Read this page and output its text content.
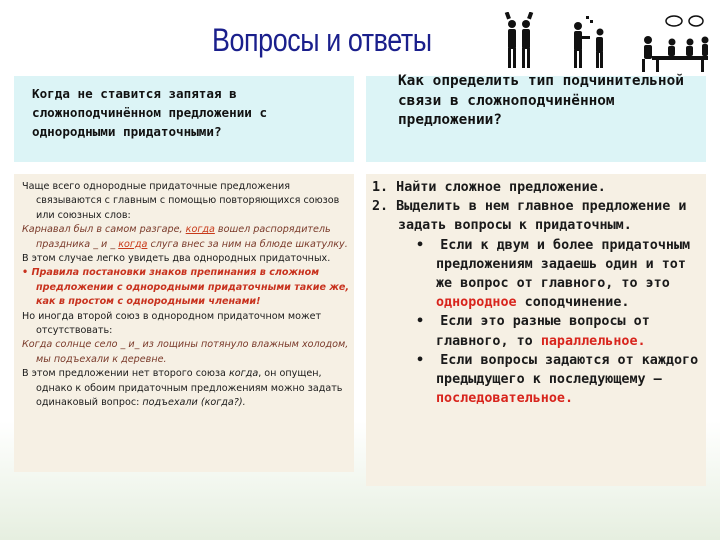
Вопросы и ответы
Когда не ставится запятая в сложноподчинённом предложении с однородными придаточными?
Как определить тип подчинительной связи в сложноподчинённом предложении?

Чаще всего однородные придаточные предложения связываются с главным с помощью повторяющихся союзов или союзных слов:

Карнавал был в самом разгаре, когда вошел распорядитель праздника _ и _ когда слуга внес за ним на блюде шкатулку.

В этом случае легко увидеть два однородных придаточных.

• Правила постановки знаков препинания в сложном предложении с однородными придаточными такие же, как в простом с однородными членами!

Но иногда второй союз в однородном придаточном может отсутствовать:

Когда солнце село _ и_ из лощины потянуло влажным холодом, мы подъехали к деревне.

В этом предложении нет второго союза когда, он опущен, однако к обоим придаточным предложениям можно задать одинаковый вопрос: подъехали (когда?).

1. Найти сложное предложение.

2. Выделить в нем главное предложение и задать вопросы к придаточным.

•  Если к двум и более придаточным предложениям задаешь один и тот же вопрос от главного, то это однородное соподчинение.

•  Если это разные вопросы от главного, то параллельное.

•  Если вопросы задаются от каждого предыдущего к последующему — последовательное.
